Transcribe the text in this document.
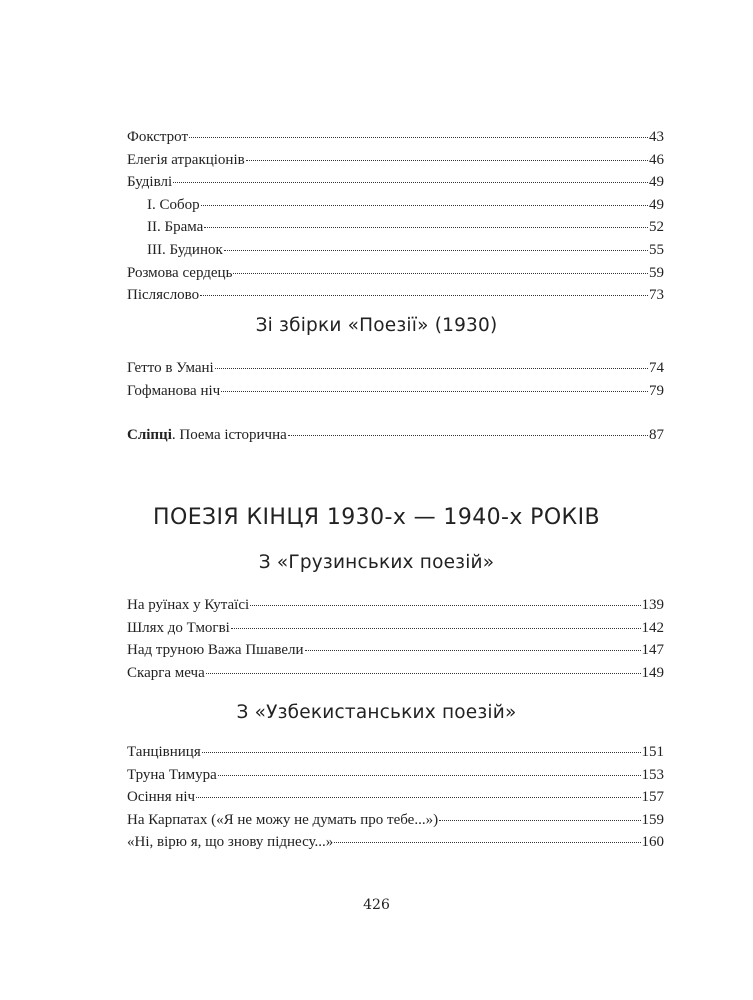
Фокстрот	43
Елегія атракціонів	46
Будівлі	49
І. Собор	49
ІІ. Брама	52
ІІІ. Будинок	55
Розмова сердець	59
Післяслово	73
Зі збірки «Поезії» (1930)
Гетто в Умані	74
Гофманова ніч	79
Сліпці. Поема історична	87
ПОЕЗІЯ КІНЦЯ 1930-х — 1940-х РОКІВ
З «Грузинських поезій»
На руїнах у Кутаїсі	139
Шлях до Тмогві	142
Над труною Важа Пшавели	147
Скарга меча	149
З «Узбекистанських поезій»
Танцівниця	151
Труна Тимура	153
Осіння ніч	157
На Карпатах («Я не можу не думать про тебе...»)	159
«Ні, вірю я, що знову піднесу...»	160
426
